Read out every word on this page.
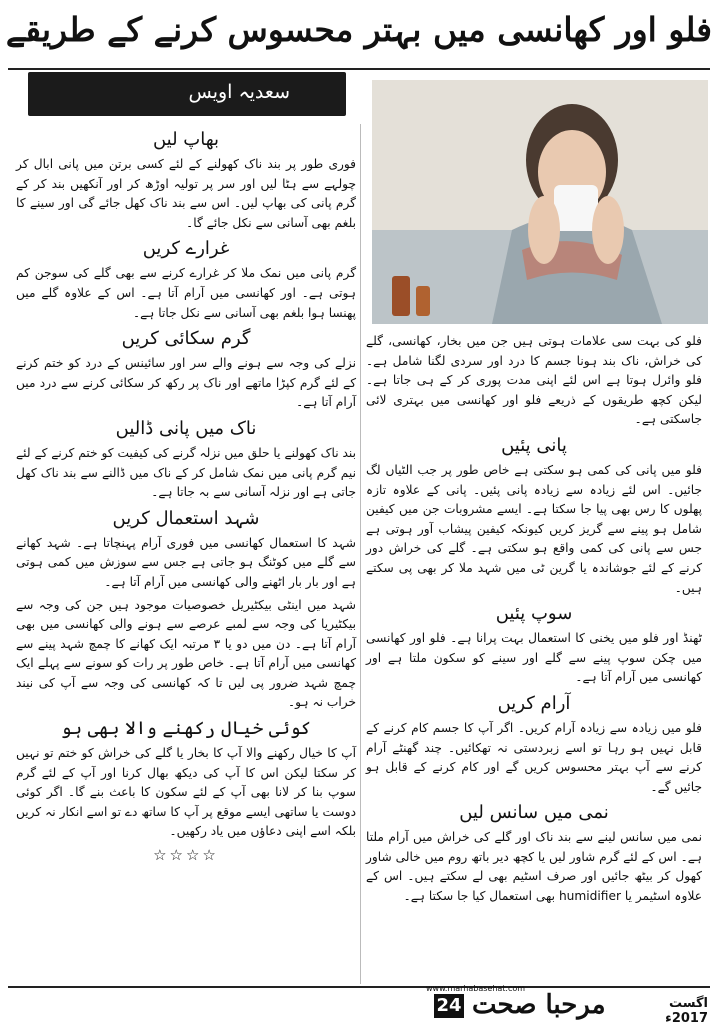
فلو اور کھانسی میں بہتر محسوس کرنے کے طریقے
سعدیہ اویس
بھاپ لیں

فوری طور پر بند ناک کھولنے کے لئے کسی برتن میں پانی ابال کر چولہے سے ہٹا لیں اور سر پر تولیہ اوڑھ کر اور آنکھیں بند کر کے گرم پانی کی بھاپ لیں۔ اس سے بند ناک کھل جائے گی اور سینے کا بلغم بھی آسانی سے نکل جائے گا۔

غرارے کریں

گرم پانی میں نمک ملا کر غرارے کرنے سے بھی گلے کی سوجن کم ہوتی ہے۔ اور کھانسی میں آرام آتا ہے۔ اس کے علاوہ گلے میں پھنسا ہوا بلغم بھی آسانی سے نکل جاتا ہے۔

گرم سکائی کریں

نزلے کی وجہ سے ہونے والے سر اور سائینس کے درد کو ختم کرنے کے لئے گرم کپڑا ماتھے اور ناک پر رکھ کر سکائی کرنے سے درد میں آرام آتا ہے۔

ناک میں پانی ڈالیں

بند ناک کھولنے یا حلق میں نزلہ گرنے کی کیفیت کو ختم کرنے کے لئے نیم گرم پانی میں نمک شامل کر کے ناک میں ڈالنے سے بند ناک کھل جاتی ہے اور نزلہ آسانی سے بہ جاتا ہے۔

شہد استعمال کریں

شہد کا استعمال کھانسی میں فوری آرام پہنچاتا ہے۔ شہد کھانے سے گلے میں کوٹنگ ہو جاتی ہے جس سے سوزش میں کمی ہوتی ہے اور بار بار اٹھنے والی کھانسی میں آرام آتا ہے۔

شہد میں اینٹی بیکٹیریل خصوصیات موجود ہیں جن کی وجہ سے بیکٹیریا کی وجہ سے لمبے عرصے سے ہونے والی کھانسی میں بھی آرام آتا ہے۔ دن میں دو یا ۳ مرتبہ ایک کھانے کا چمچ شہد پینے سے کھانسی میں آرام آتا ہے۔ خاص طور پر رات کو سونے سے پہلے ایک چمچ شہد ضرور پی لیں تا کہ کھانسی کی وجہ سے آپ کی نیند خراب نہ ہو۔

کوئی خیال رکھنے والا بھی ہو

آپ کا خیال رکھنے والا آپ کا بخار یا گلے کی خراش کو ختم تو نہیں کر سکتا لیکن اس کا آپ کی دیکھ بھال کرنا اور آپ کے لئے گرم سوپ بنا کر لانا بھی آپ کے لئے سکون کا باعث بنے گا۔ اگر کوئی دوست یا ساتھی ایسے موقع پر آپ کا ساتھ دے تو اسے انکار نہ کریں بلکہ اسے اپنی دعاؤں میں یاد رکھیں۔

☆☆☆☆

فلو کی بہت سی علامات ہوتی ہیں جن میں بخار، کھانسی، گلے کی خراش، ناک بند ہونا جسم کا درد اور سردی لگنا شامل ہے۔ فلو وائرل ہوتا ہے اس لئے اپنی مدت پوری کر کے ہی جاتا ہے۔ لیکن کچھ طریقوں کے ذریعے فلو اور کھانسی میں بہتری لائی جاسکتی ہے۔

پانی پئیں

فلو میں پانی کی کمی ہو سکتی ہے خاص طور پر جب الٹیاں لگ جائیں۔ اس لئے زیادہ سے زیادہ پانی پئیں۔ پانی کے علاوہ تازہ پھلوں کا رس بھی پیا جا سکتا ہے۔ ایسے مشروبات جن میں کیفین شامل ہو پینے سے گریز کریں کیونکہ کیفین پیشاب آور ہوتی ہے جس سے پانی کی کمی واقع ہو سکتی ہے۔ گلے کی خراش دور کرنے کے لئے جوشاندہ یا گرین ٹی میں شہد ملا کر بھی پی سکتے ہیں۔

سوپ پئیں

ٹھنڈ اور فلو میں یخنی کا استعمال بہت پرانا ہے۔ فلو اور کھانسی میں چکن سوپ پینے سے گلے اور سینے کو سکون ملتا ہے اور کھانسی میں آرام آتا ہے۔

آرام کریں

فلو میں زیادہ سے زیادہ آرام کریں۔ اگر آپ کا جسم کام کرنے کے قابل نہیں ہو رہا تو اسے زبردستی نہ تھکائیں۔ چند گھنٹے آرام کرنے سے آپ بہتر محسوس کریں گے اور کام کرنے کے قابل ہو جائیں گے۔

نمی میں سانس لیں

نمی میں سانس لینے سے بند ناک اور گلے کی خراش میں آرام ملتا ہے۔ اس کے لئے گرم شاور لیں یا کچھ دیر باتھ روم میں خالی شاور کھول کر بیٹھ جائیں اور صرف اسٹیم بھی لے سکتے ہیں۔ اس کے علاوہ اسٹیمر یا humidifier بھی استعمال کیا جا سکتا ہے۔

www.marhabasehat.com
24 مرحبا صحت	اگست 2017ء
